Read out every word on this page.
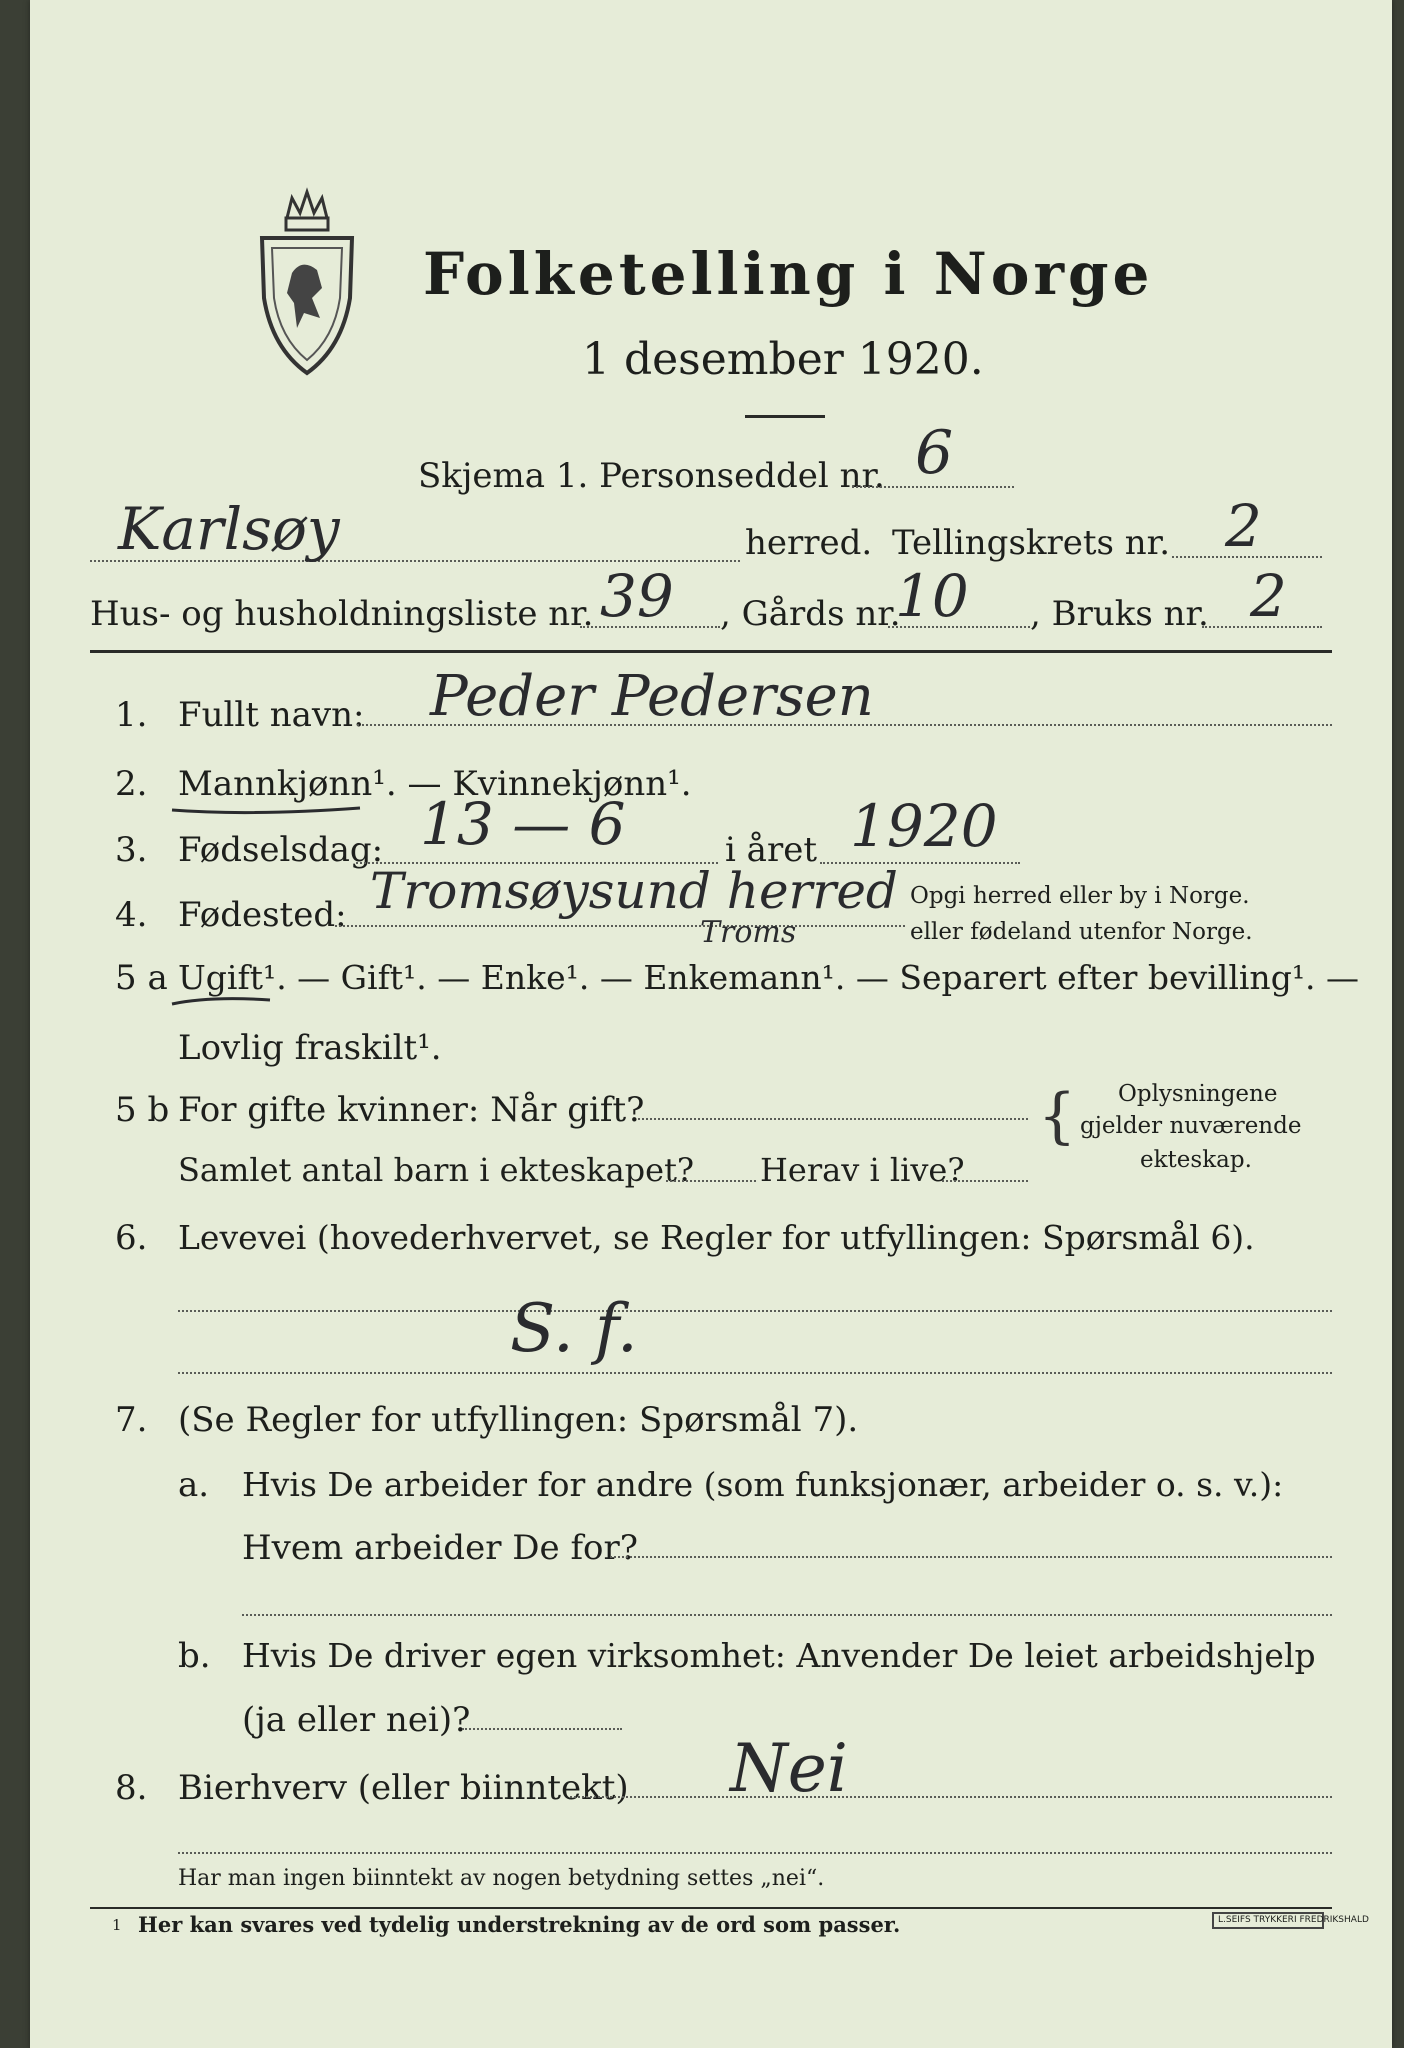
Folketelling i Norge
1 desember 1920.
Skjema 1. Personseddel nr. 6
Karlsøy	herred. Tellingskrets nr. 2
Hus- og husholdningsliste nr. 39 , Gårds nr.
10 , Bruks nr. 2
1. Fullt navn: Peder Pedersen
2. Mannkjønn¹. — Kvinnekjønn¹.
3. Fødselsdag: 13 — 6	i året 1920
4. Fødested: Tromsøysund herred
Troms
Opgi herred eller by i Norge.
eller fødeland utenfor Norge.
5 a Ugift¹. — Gift¹. — Enke¹. — Enkemann¹. — Separert efter bevilling¹. —
Lovlig fraskilt¹.
5 b For gifte kvinner: Når gift?
Samlet antal barn i ekteskapet? Herav i live?
{ Oplysningene
gjelder nuværende
ekteskap.
6. Levevei (hovederhvervet, se Regler for utfyllingen: Spørsmål 6).
S. f.
7. (Se Regler for utfyllingen: Spørsmål 7).
a. Hvis De arbeider for andre (som funksjonær, arbeider o. s. v.):
Hvem arbeider De for?
b. Hvis De driver egen virksomhet: Anvender De leiet arbeidshjelp
(ja eller nei)?
8. Bierhverv (eller biinntekt) Nei
Har man ingen biinntekt av nogen betydning settes „nei“.
1 Her kan svares ved tydelig understrekning av de ord som passer.	L.SEIFS TRYKKERI FREDRIKSHALD
